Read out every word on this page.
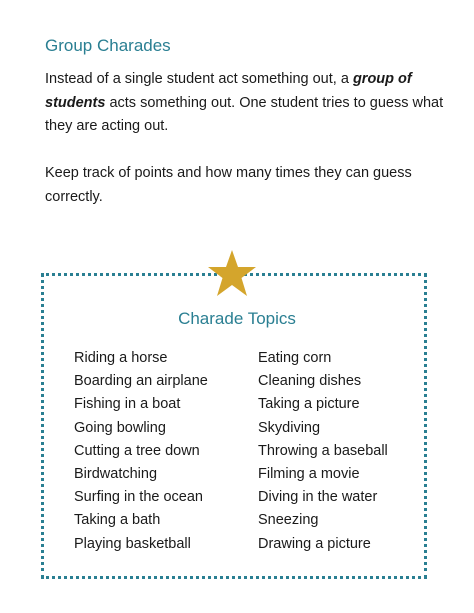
Group Charades

Instead of a single student act something out, a group of students acts something out. One student tries to guess what they are acting out.

Keep track of points and how many times they can guess correctly.

Charade Topics
Riding a horse
Boarding an airplane
Fishing in a boat
Going bowling
Cutting a tree down
Birdwatching
Surfing in the ocean
Taking a bath
Playing basketball
Eating corn
Cleaning dishes
Taking a picture
Skydiving
Throwing a baseball
Filming a movie
Diving in the water
Sneezing
Drawing a picture
